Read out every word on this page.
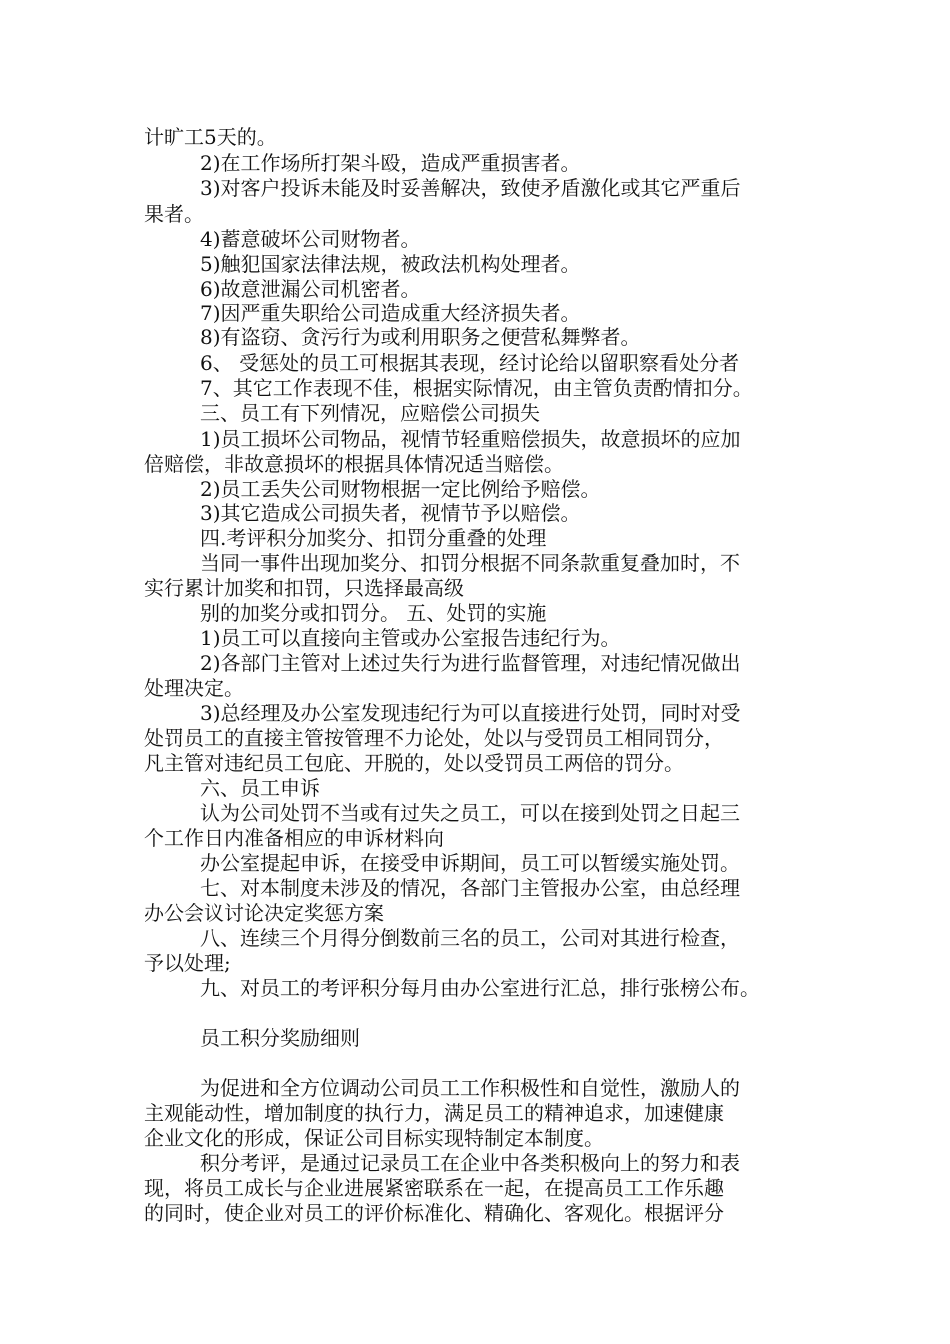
计旷工5天的。
2)在工作场所打架斗殴，造成严重损害者。
3)对客户投诉未能及时妥善解决，致使矛盾激化或其它严重后
果者。
4)蓄意破坏公司财物者。
5)触犯国家法律法规，被政法机构处理者。
6)故意泄漏公司机密者。
7)因严重失职给公司造成重大经济损失者。
8)有盗窃、贪污行为或利用职务之便营私舞弊者。
6、 受惩处的员工可根据其表现，经讨论给以留职察看处分者
7、其它工作表现不佳，根据实际情况，由主管负责酌情扣分。
三、员工有下列情况，应赔偿公司损失
1)员工损坏公司物品，视情节轻重赔偿损失，故意损坏的应加
倍赔偿，非故意损坏的根据具体情况适当赔偿。
2)员工丢失公司财物根据一定比例给予赔偿。
3)其它造成公司损失者，视情节予以赔偿。
四.考评积分加奖分、扣罚分重叠的处理
当同一事件出现加奖分、扣罚分根据不同条款重复叠加时，不
实行累计加奖和扣罚，只选择最高级
别的加奖分或扣罚分。 五、处罚的实施
1)员工可以直接向主管或办公室报告违纪行为。
2)各部门主管对上述过失行为进行监督管理，对违纪情况做出
处理决定。
3)总经理及办公室发现违纪行为可以直接进行处罚，同时对受
处罚员工的直接主管按管理不力论处，处以与受罚员工相同罚分，
凡主管对违纪员工包庇、开脱的，处以受罚员工两倍的罚分。
六、员工申诉
认为公司处罚不当或有过失之员工，可以在接到处罚之日起三
个工作日内准备相应的申诉材料向
办公室提起申诉，在接受申诉期间，员工可以暂缓实施处罚。
七、对本制度未涉及的情况，各部门主管报办公室，由总经理
办公会议讨论决定奖惩方案
八、连续三个月得分倒数前三名的员工，公司对其进行检查，
予以处理;
九、对员工的考评积分每月由办公室进行汇总，排行张榜公布。
员工积分奖励细则
为促进和全方位调动公司员工工作积极性和自觉性，激励人的
主观能动性，增加制度的执行力，满足员工的精神追求，加速健康
企业文化的形成，保证公司目标实现特制定本制度。
积分考评，是通过记录员工在企业中各类积极向上的努力和表
现，将员工成长与企业进展紧密联系在一起，在提高员工工作乐趣
的同时，使企业对员工的评价标准化、精确化、客观化。根据评分
